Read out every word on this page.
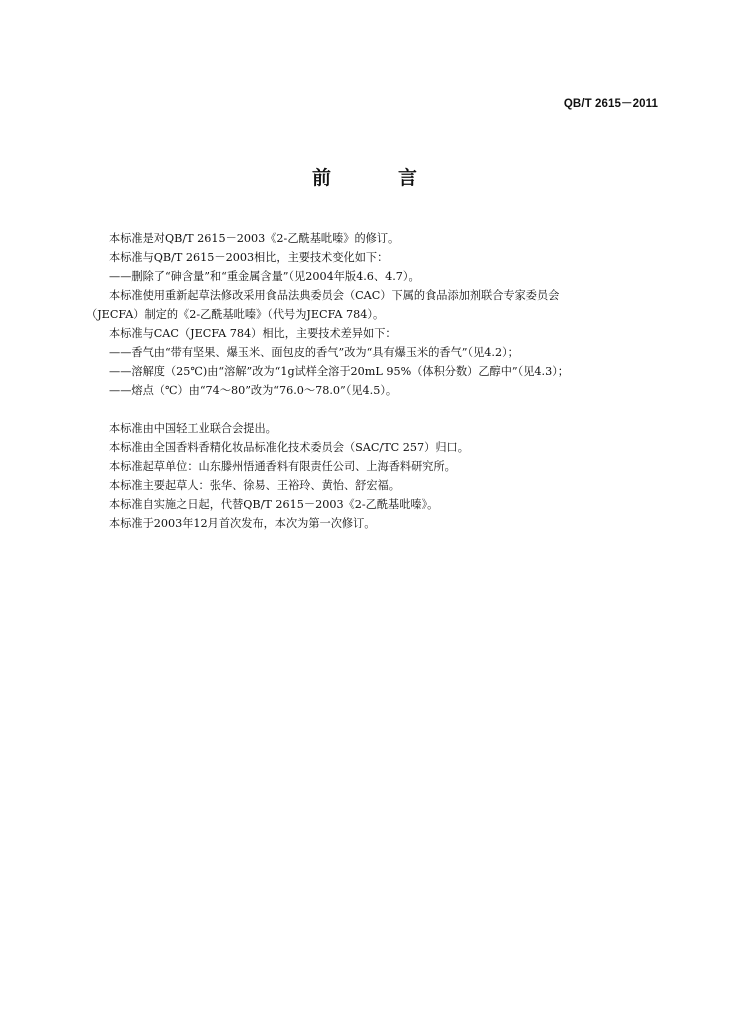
QB/T 2615－2011
前　言

本标准是对QB/T 2615－2003《2-乙酰基吡嗪》的修订。

本标准与QB/T 2615－2003相比，主要技术变化如下：

——删除了“砷含量”和“重金属含量”（见2004年版4.6、4.7）。

本标准使用重新起草法修改采用食品法典委员会（CAC）下属的食品添加剂联合专家委员会

（JECFA）制定的《2-乙酰基吡嗪》（代号为JECFA 784）。

本标准与CAC（JECFA 784）相比，主要技术差异如下：

——香气由“带有坚果、爆玉米、面包皮的香气”改为“具有爆玉米的香气”（见4.2）；

——溶解度（25℃)由“溶解”改为“1g试样全溶于20mL 95%（体积分数）乙醇中”（见4.3）；

——熔点（℃）由“74～80”改为“76.0～78.0”（见4.5）。

本标准由中国轻工业联合会提出。

本标准由全国香料香精化妆品标准化技术委员会（SAC/TC 257）归口。

本标准起草单位：山东滕州悟通香料有限责任公司、上海香料研究所。

本标准主要起草人：张华、徐易、王裕玲、黄怡、舒宏福。

本标准自实施之日起，代替QB/T 2615－2003《2-乙酰基吡嗪》。

本标准于2003年12月首次发布，本次为第一次修订。
